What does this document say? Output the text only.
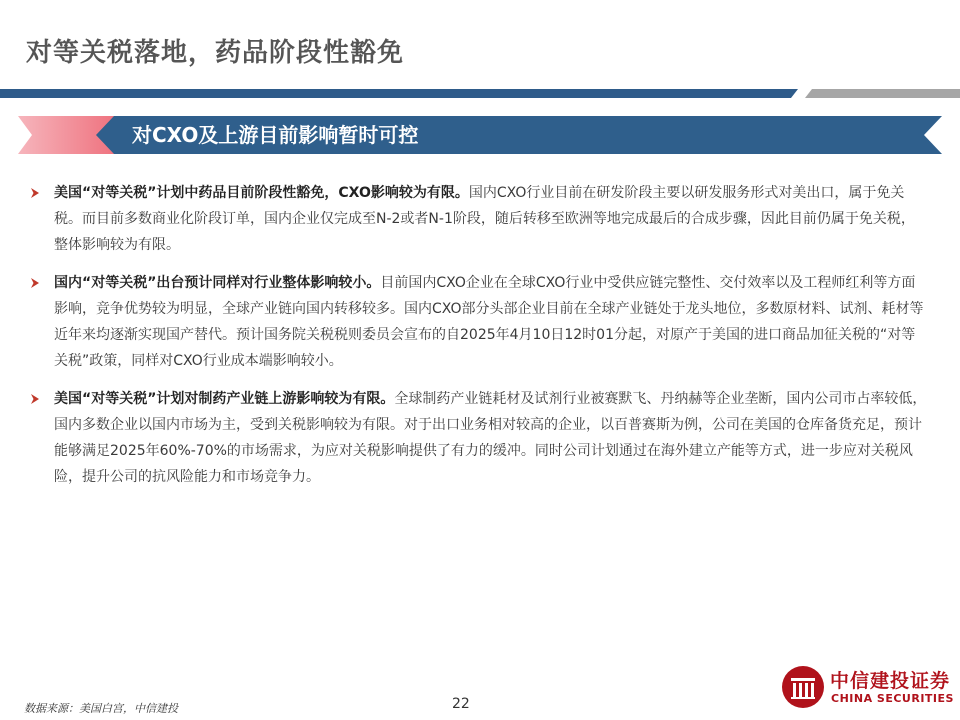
对等关税落地，药品阶段性豁免
对CXO及上游目前影响暂时可控
美国“对等关税”计划中药品目前阶段性豁免，CXO影响较为有限。国内CXO行业目前在研发阶段主要以研发服务形式对美出口，属于免关税。而目前多数商业化阶段订单，国内企业仅完成至N-2或者N-1阶段，随后转移至欧洲等地完成最后的合成步骤，因此目前仍属于免关税，整体影响较为有限。
国内“对等关税”出台预计同样对行业整体影响较小。目前国内CXO企业在全球CXO行业中受供应链完整性、交付效率以及工程师红利等方面影响，竞争优势较为明显，全球产业链向国内转移较多。国内CXO部分头部企业目前在全球产业链处于龙头地位，多数原材料、试剂、耗材等近年来均逐渐实现国产替代。预计国务院关税税则委员会宣布的自2025年4月10日12时01分起，对原产于美国的进口商品加征关税的“对等关税”政策，同样对CXO行业成本端影响较小。
美国“对等关税”计划对制药产业链上游影响较为有限。全球制药产业链耗材及试剂行业被赛默飞、丹纳赫等企业垄断，国内公司市占率较低，国内多数企业以国内市场为主，受到关税影响较为有限。对于出口业务相对较高的企业，以百普赛斯为例，公司在美国的仓库备货充足，预计能够满足2025年60%-70%的市场需求，为应对关税影响提供了有力的缓冲。同时公司计划通过在海外建立产能等方式，进一步应对关税风险，提升公司的抗风险能力和市场竞争力。
数据来源：美国白宫，中信建投	22
中信建投证券
CHINA SECURITIES
